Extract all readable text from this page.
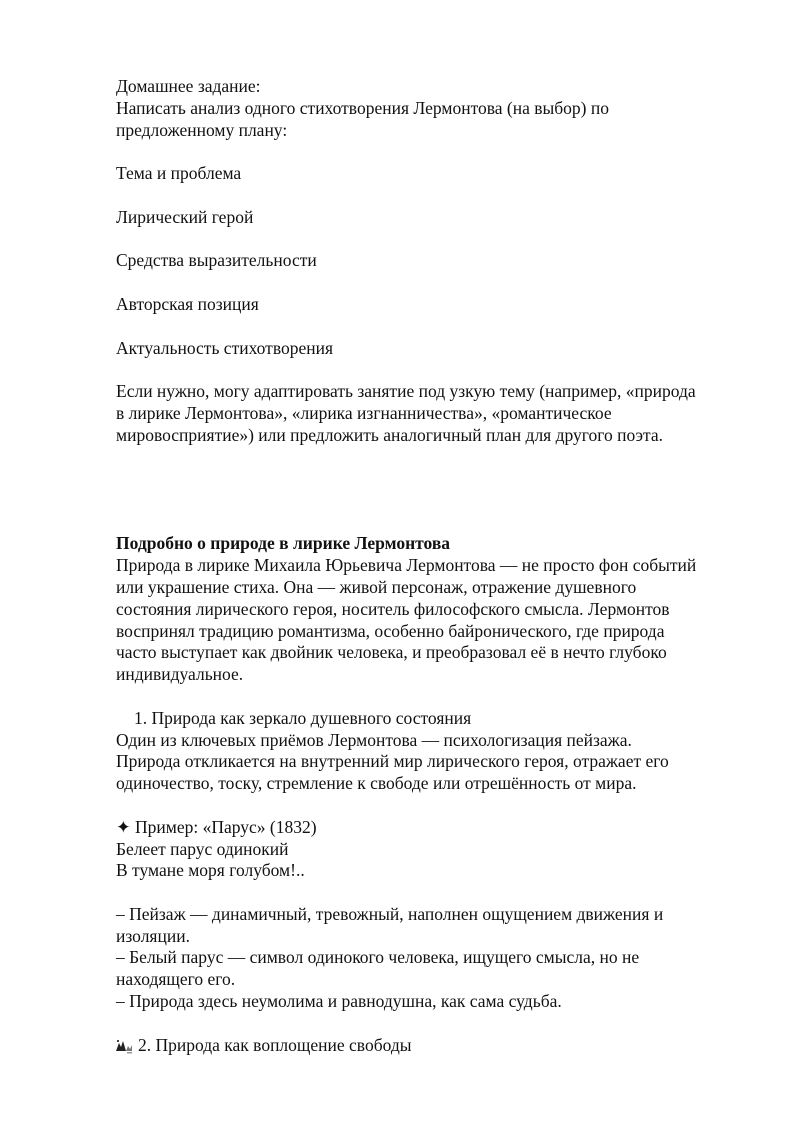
Домашнее задание:
Написать анализ одного стихотворения Лермонтова (на выбор) по
предложенному плану:
Тема и проблема
Лирический герой
Средства выразительности
Авторская позиция
Актуальность стихотворения
Если нужно, могу адаптировать занятие под узкую тему (например, «природа
в лирике Лермонтова», «лирика изгнанничества», «романтическое
мировосприятие») или предложить аналогичный план для другого поэта.
Подробно о природе в лирике Лермонтова
Природа в лирике Михаила Юрьевича Лермонтова — не просто фон событий
или украшение стиха. Она — живой персонаж, отражение душевного
состояния лирического героя, носитель философского смысла. Лермонтов
воспринял традицию романтизма, особенно байронического, где природа
часто выступает как двойник человека, и преобразовал её в нечто глубоко
индивидуальное.
1. Природа как зеркало душевного состояния
Один из ключевых приёмов Лермонтова — психологизация пейзажа.
Природа откликается на внутренний мир лирического героя, отражает его
одиночество, тоску, стремление к свободе или отрешённость от мира.
✦ Пример: «Парус» (1832)
Белеет парус одинокий
В тумане моря голубом!..
– Пейзаж — динамичный, тревожный, наполнен ощущением движения и
изоляции.
– Белый парус — символ одинокого человека, ищущего смысла, но не
находящего его.
– Природа здесь неумолима и равнодушна, как сама судьба.
2. Природа как воплощение свободы
